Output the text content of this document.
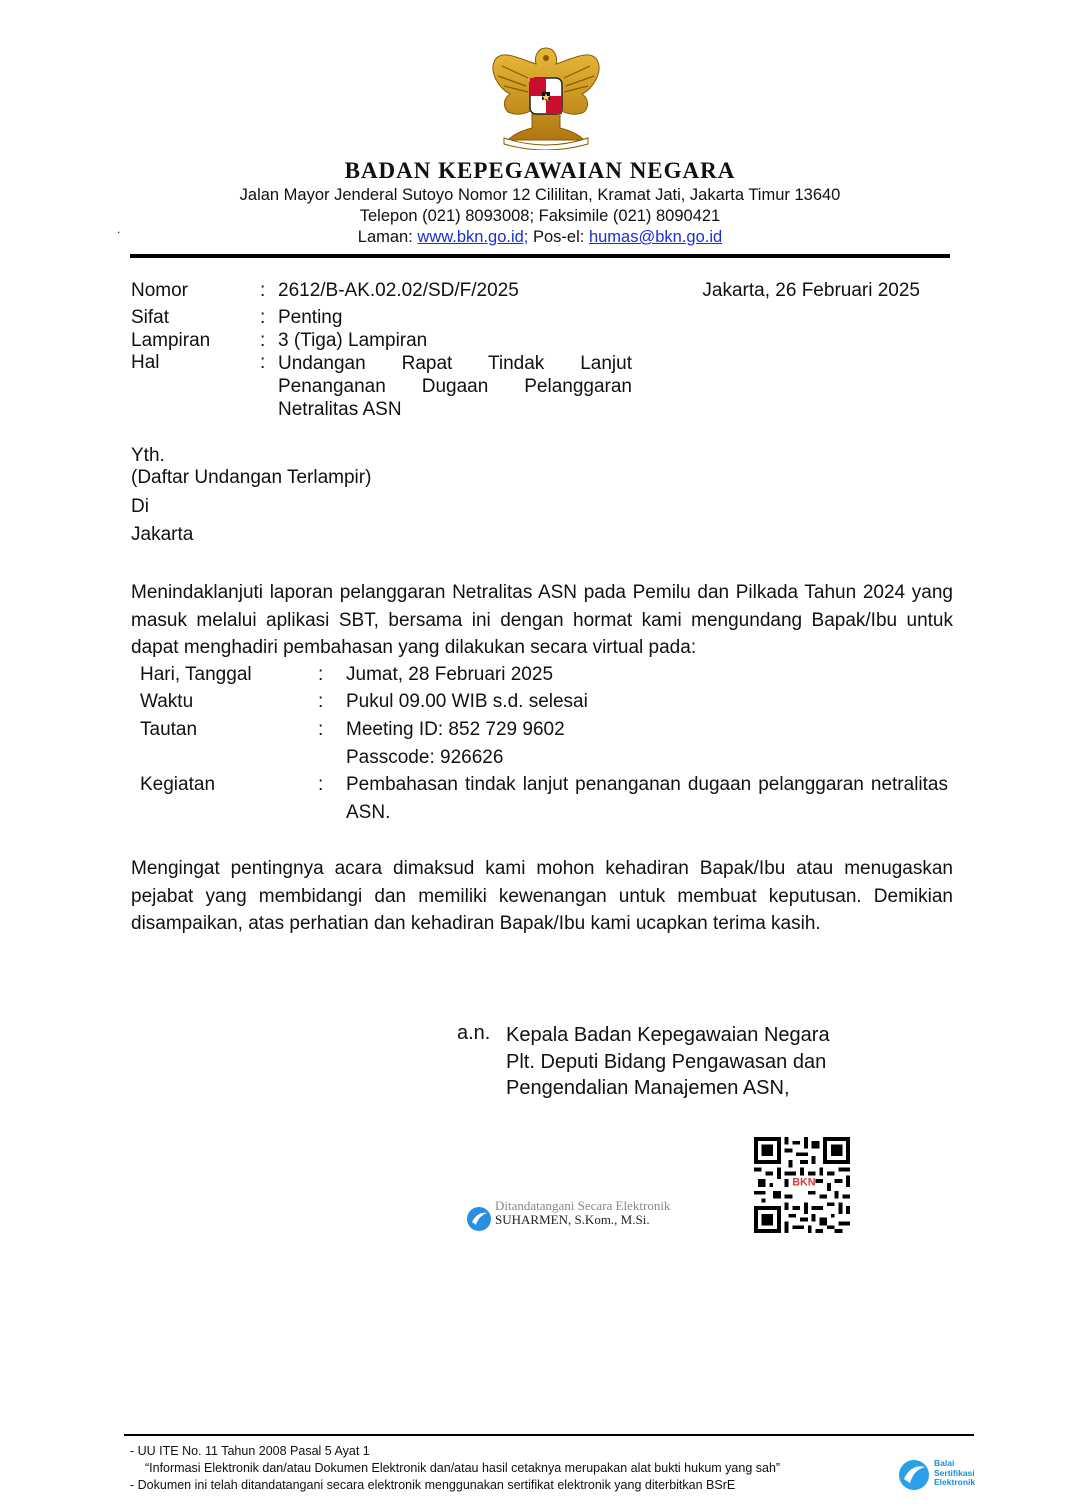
BADAN KEPEGAWAIAN NEGARA
Jalan Mayor Jenderal Sutoyo Nomor 12 Cililitan, Kramat Jati, Jakarta Timur 13640
Telepon (021) 8093008; Faksimile (021) 8090421
Laman: www.bkn.go.id; Pos-el: humas@bkn.go.id
.
Nomor	: 2612/B-AK.02.02/SD/F/2025	Jakarta, 26 Februari 2025
Sifat	: Penting
Lampiran	: 3 (Tiga) Lampiran
Hal	: Undangan Rapat Tindak Lanjut Penanganan Dugaan Pelanggaran Netralitas ASN
Yth.
(Daftar Undangan Terlampir)
Di
Jakarta
Menindaklanjuti laporan pelanggaran Netralitas ASN pada Pemilu dan Pilkada Tahun 2024 yang masuk melalui aplikasi SBT, bersama ini dengan hormat kami mengundang Bapak/Ibu untuk dapat menghadiri pembahasan yang dilakukan secara virtual pada:
Hari, Tanggal	: Jumat, 28 Februari 2025
Waktu	: Pukul 09.00 WIB s.d. selesai
Tautan	: Meeting ID: 852 729 9602
Passcode: 926626
Kegiatan	: Pembahasan tindak lanjut penanganan dugaan pelanggaran netralitas ASN.
Mengingat pentingnya acara dimaksud kami mohon kehadiran Bapak/Ibu atau menugaskan pejabat yang membidangi dan memiliki kewenangan untuk membuat keputusan. Demikian disampaikan, atas perhatian dan kehadiran Bapak/Ibu kami ucapkan terima kasih.
a.n. Kepala Badan Kepegawaian Negara
Plt. Deputi Bidang Pengawasan dan
Pengendalian Manajemen ASN,
BKN
Ditandatangani Secara Elektronik
SUHARMEN, S.Kom., M.Si.
- UU ITE No. 11 Tahun 2008 Pasal 5 Ayat 1
“Informasi Elektronik dan/atau Dokumen Elektronik dan/atau hasil cetaknya merupakan alat bukti hukum yang sah”
- Dokumen ini telah ditandatangani secara elektronik menggunakan sertifikat elektronik yang diterbitkan BSrE
Balai
Sertifikasi
Elektronik
